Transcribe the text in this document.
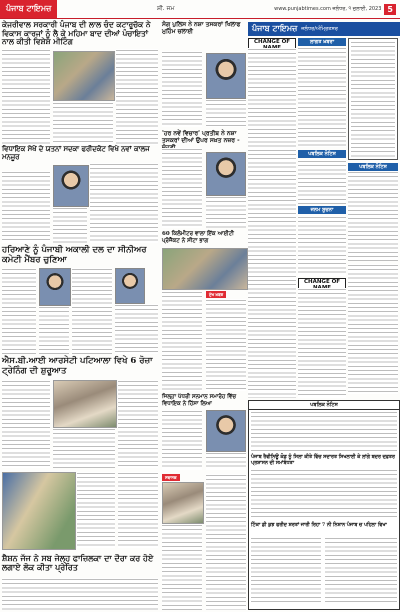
ਪੰਜਾਬ ਟਾਇਮਜ਼	ਸ਼ੀ. ਜਮ	www.punjabtimes.com ਜਲੰਧਰ, ੧ ਜੁਲਾਈ, 2023 5
ਕੇਜਰੀਵਾਲ ਸਰਕਾਰੀ ਪੰਜਾਬ ਦੀ ਲਾਲ ਚੰਦ ਕਟਾਰੂਚੱਕ ਨੇ ਵਿਕਾਸ ਕਾਰਜਾਂ ਨੂੰ ਲੈ ਕੇ ਮਹਿਮਾ ਬਾਦ ਦੀਆਂ ਪੰਚਾਇਤਾਂ ਨਾਲ ਕੀਤੀ ਵਿਸ਼ੇਸ਼ ਮੀਟਿੰਗ
ਵਿਧਾਇਕ ਸੇਖੋਂ ਦੇ ਯਤਨਾਂ ਸਦਕਾ ਫਰੀਦਕੋਟ ਵਿਖੇ ਨਵਾਂ ਕਾਲਜ ਮਨਜ਼ੂਰ
ਹਰਿਆਣੇ ਨੂੰ ਪੰਜਾਬੀ ਅਕਾਲੀ ਦਲ ਦਾ ਸੀਨੀਅਰ ਕਮੇਟੀ ਮੈਂਬਰ ਚੁਣਿਆ
ਐਸ.ਬੀ.ਆਈ ਆਰਸੇਟੀ ਪਟਿਆਲਾ ਵਿਖੇ 6 ਰੋਜ਼ਾ ਟ੍ਰੇਨਿੰਗ ਦੀ ਸ਼ੁਰੂਆਤ
ਸ਼ੈਸ਼ਨ ਜੱਜ ਨੇ ਸਬ ਜੇਲ੍ਹ ਫਾਜ਼ਿਲਕਾ ਦਾ ਦੌਰਾ ਕਰ ਹੋਏ ਲਗਾਏ ਲੋਕ ਕੀਤਾ ਪ੍ਰੇਰਿਤ
ਸੋਗ ਪੁਲਿਸ ਨੇ ਨਸ਼ਾ ਤਸਕਰਾਂ ਖਿਲਾਫ ਮੁਹਿੰਮ ਚਲਾਈ
'ਹਰ ਨਵੇਂ ਵਿਚਾਰ' ਪ੍ਰਤੀਬ ਨੇ ਨਸ਼ਾ ਤਸਕਰਾਂ ਦੀਆਂ ਉਪਰ ਸਖ਼ਤ ਨਜ਼ਰ -
60 ਕਿਲੋਮੀਟਰ ਵਾਲਾ ਇੱਕ ਆਈਟੀ ਪ੍ਰੋਜੈਕਟ ਨੇ ਸੀਟਾ ਭਾਗ
ਮੁੱਖ ਖ਼ਬਰ
ਜਿਲ੍ਹਾ ਪੱਧਰੀ ਸਨਮਾਨ ਸਮਾਰੋਹ ਵਿੱਚ ਵਿਧਾਇਕ ਨੇ ਹਿੱਸਾ ਲਿਆ
ਸਥਾਨਕ
ਪੰਜਾਬ ਟਾਇਮਜ਼ ਜਲੰਧਰ/ਅੰਮ੍ਰਿਤਸਰ
CHANGE OF	ਲਾਗਤ ਖ਼ਬਰਾ
ਪਬਲਿਕ ਨੋਟਿਸ
ਜਨਮ ਸੂਚਨਾ
CHANGE OF
ਪਬਲਿਕ ਨੋਟਿਸ
ਪਬਲਿਕ ਨੋਟਿਸ
ਪੰਜਾਬ ਰੈਵੀਨਿਊ ਕੋਡ ਨੂੰ ਸਿਲਾ ਕੀਤੇ ਵਿੱਚ ਸਦਾਰਤ ਸਿਖਲਾਈ ਕੇ ਲਾਂਗੇ ਬਦਰ ਦਫ਼ਤਰ ਪ੍ਰਸ਼ਾਸਨ ਦੀ ਸਮਾਂਬੱਧਤਾ
ਟਿੱਕਾ ਡੀ ਕੁਝ ਫਰੀਦ ਸ਼ਰਤਾਂ ਜਾਰੀ ਰਿਹਾ 7 ਨੀ ਨਿਸ਼ਾਨ ਪੰਜਾਬ ਚ ਪਹਿਲਾ ਵਿਖਾ
